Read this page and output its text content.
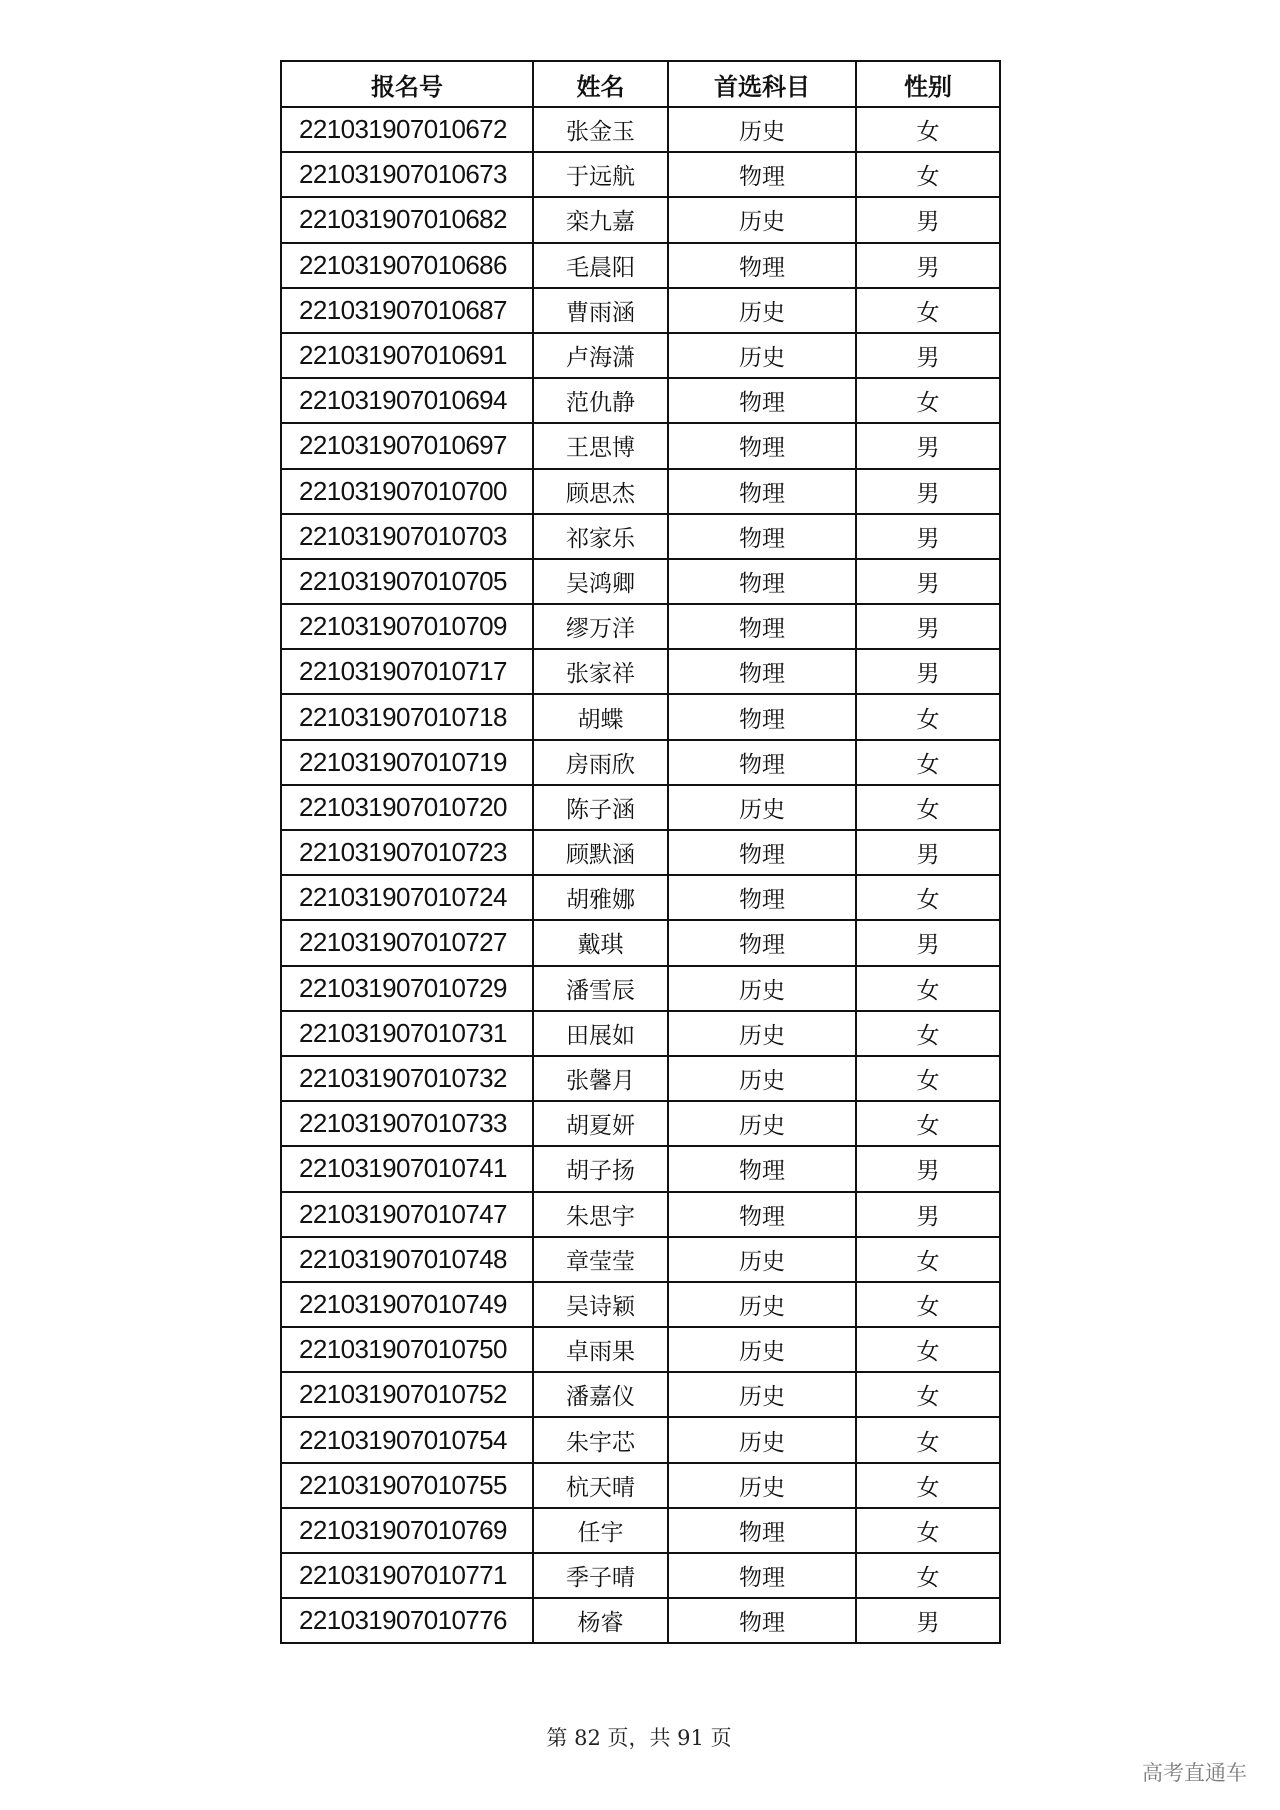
报名号	姓名	首选科目	性别
221031907010672	张金玉	历史	女
221031907010673	于远航	物理	女
221031907010682	栾九嘉	历史	男
221031907010686	毛晨阳	物理	男
221031907010687	曹雨涵	历史	女
221031907010691	卢海潇	历史	男
221031907010694	范仇静	物理	女
221031907010697	王思博	物理	男
221031907010700	顾思杰	物理	男
221031907010703	祁家乐	物理	男
221031907010705	吴鸿卿	物理	男
221031907010709	缪万洋	物理	男
221031907010717	张家祥	物理	男
221031907010718	胡蝶	物理	女
221031907010719	房雨欣	物理	女
221031907010720	陈子涵	历史	女
221031907010723	顾默涵	物理	男
221031907010724	胡雅娜	物理	女
221031907010727	戴琪	物理	男
221031907010729	潘雪辰	历史	女
221031907010731	田展如	历史	女
221031907010732	张馨月	历史	女
221031907010733	胡夏妍	历史	女
221031907010741	胡子扬	物理	男
221031907010747	朱思宇	物理	男
221031907010748	章莹莹	历史	女
221031907010749	吴诗颖	历史	女
221031907010750	卓雨果	历史	女
221031907010752	潘嘉仪	历史	女
221031907010754	朱宇芯	历史	女
221031907010755	杭天晴	历史	女
221031907010769	任宇	物理	女
221031907010771	季子晴	物理	女
221031907010776	杨睿	物理	男
第 82 页，共 91 页
高考直通车
